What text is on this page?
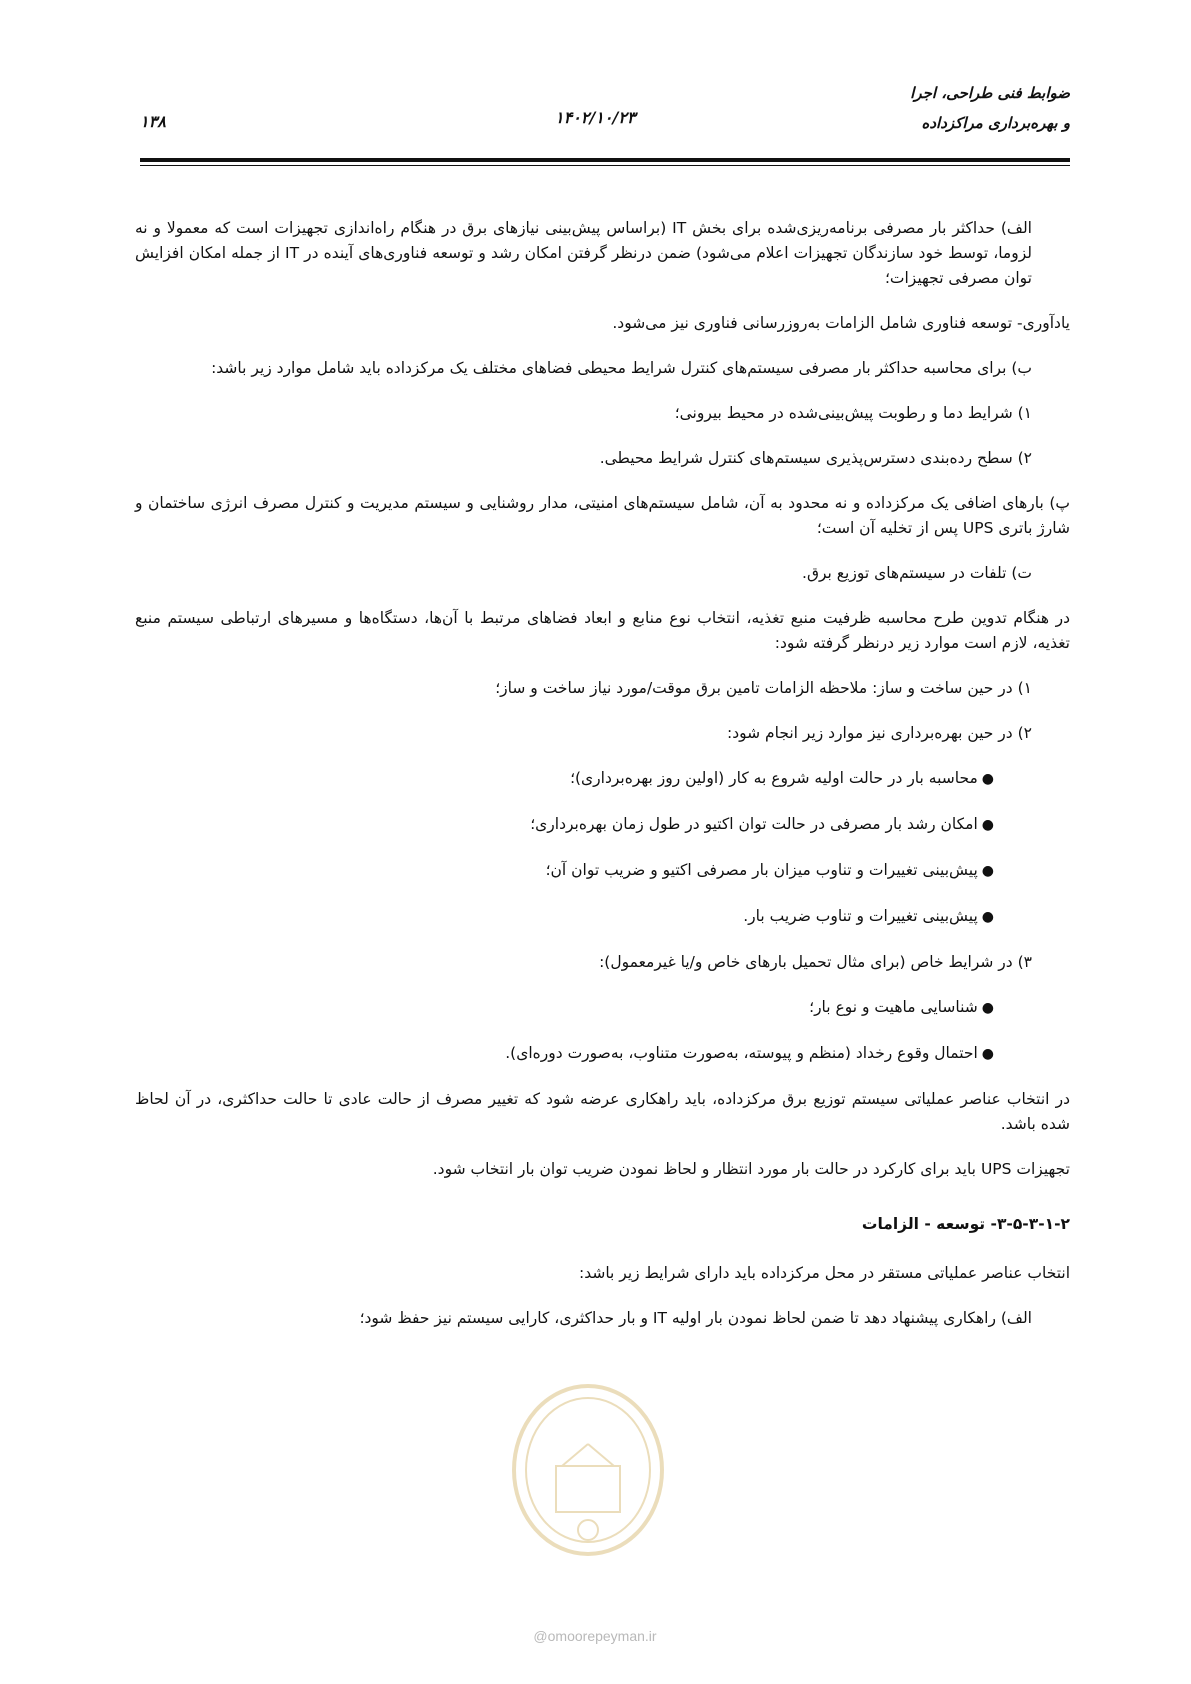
ضوابط فنی طراحی، اجرا
و بهره‌برداری مراکزداده
۱۴۰۲/۱۰/۲۳
۱۳۸

الف) حداکثر بار مصرفی برنامه‌ریزی‌شده برای بخش IT (براساس پیش‌بینی نیازهای برق در هنگام راه‌اندازی تجهیزات است که معمولا و نه لزوما، توسط خود سازندگان تجهیزات اعلام می‌شود) ضمن درنظر گرفتن امکان رشد و توسعه فناوری‌های آینده در IT از جمله امکان افزایش توان مصرفی تجهیزات؛

یادآوری- توسعه فناوری شامل الزامات به‌روزرسانی فناوری نیز می‌شود.

ب) برای محاسبه حداکثر بار مصرفی سیستم‌های کنترل شرایط محیطی فضاهای مختلف یک مرکزداده باید شامل موارد زیر باشد:

۱) شرایط دما و رطوبت پیش‌بینی‌شده در محیط بیرونی؛
۲) سطح رده‌بندی دسترس‌پذیری سیستم‌های کنترل شرایط محیطی.

پ) بارهای اضافی یک مرکزداده و نه محدود به آن، شامل سیستم‌های امنیتی، مدار روشنایی و سیستم مدیریت و کنترل مصرف انرژی ساختمان و شارژ باتری UPS پس از تخلیه آن است؛

ت) تلفات در سیستم‌های توزیع برق.

در هنگام تدوین طرح محاسبه ظرفیت منبع تغذیه، انتخاب نوع منابع و ابعاد فضاهای مرتبط با آن‌ها، دستگاه‌ها و مسیرهای ارتباطی سیستم منبع تغذیه، لازم است موارد زیر درنظر گرفته شود:

۱) در حین ساخت و ساز: ملاحظه الزامات تامین برق موقت/مورد نیاز ساخت و ساز؛
۲) در حین بهره‌برداری نیز موارد زیر انجام شود:
●محاسبه بار در حالت اولیه شروع به کار (اولین روز بهره‌برداری)؛
●امکان رشد بار مصرفی در حالت توان اکتیو در طول زمان بهره‌برداری؛
●پیش‌بینی تغییرات و تناوب میزان بار مصرفی اکتیو و ضریب توان آن؛
●پیش‌بینی تغییرات و تناوب ضریب بار.
۳) در شرایط خاص (برای مثال تحمیل بارهای خاص و/یا غیرمعمول):
●شناسایی ماهیت و نوع بار؛
●احتمال وقوع رخداد (منظم و پیوسته، به‌صورت متناوب، به‌صورت دوره‌ای).

در انتخاب عناصر عملیاتی سیستم توزیع برق مرکزداده، باید راهکاری عرضه شود که تغییر مصرف از حالت عادی تا حالت حداکثری، در آن لحاظ شده باشد.

تجهیزات UPS باید برای کارکرد در حالت بار مورد انتظار و لحاظ نمودن ضریب توان بار انتخاب شود.

۳-۵-۳-۱-۲- توسعه - الزامات

انتخاب عناصر عملیاتی مستقر در محل مرکزداده باید دارای شرایط زیر باشد:

الف) راهکاری پیشنهاد دهد تا ضمن لحاظ نمودن بار اولیه IT و بار حداکثری، کارایی سیستم نیز حفظ شود؛

@omoorepeyman.ir
